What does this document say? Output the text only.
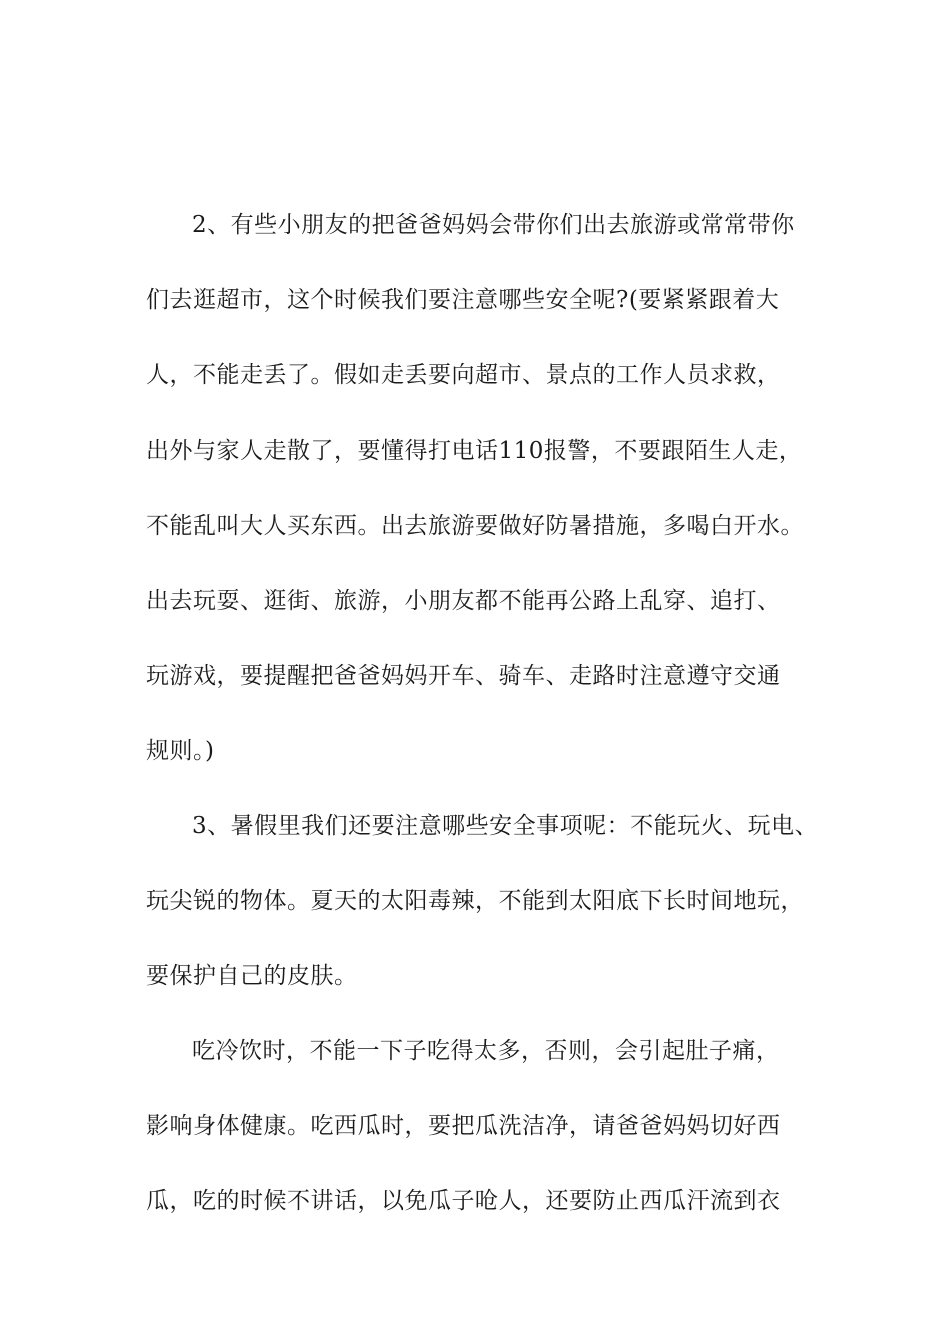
2、有些小朋友的把爸爸妈妈会带你们出去旅游或常常带你
们去逛超市，这个时候我们要注意哪些安全呢?(要紧紧跟着大
人，不能走丢了。假如走丢要向超市、景点的工作人员求救，
出外与家人走散了，要懂得打电话110报警，不要跟陌生人走，
不能乱叫大人买东西。出去旅游要做好防暑措施，多喝白开水。
出去玩耍、逛街、旅游，小朋友都不能再公路上乱穿、追打、
玩游戏，要提醒把爸爸妈妈开车、骑车、走路时注意遵守交通
规则。)
3、暑假里我们还要注意哪些安全事项呢：不能玩火、玩电、
玩尖锐的物体。夏天的太阳毒辣，不能到太阳底下长时间地玩，
要保护自己的皮肤。
吃冷饮时，不能一下子吃得太多，否则，会引起肚子痛，
影响身体健康。吃西瓜时，要把瓜洗洁净，请爸爸妈妈切好西
瓜，吃的时候不讲话，以免瓜子呛人，还要防止西瓜汗流到衣
